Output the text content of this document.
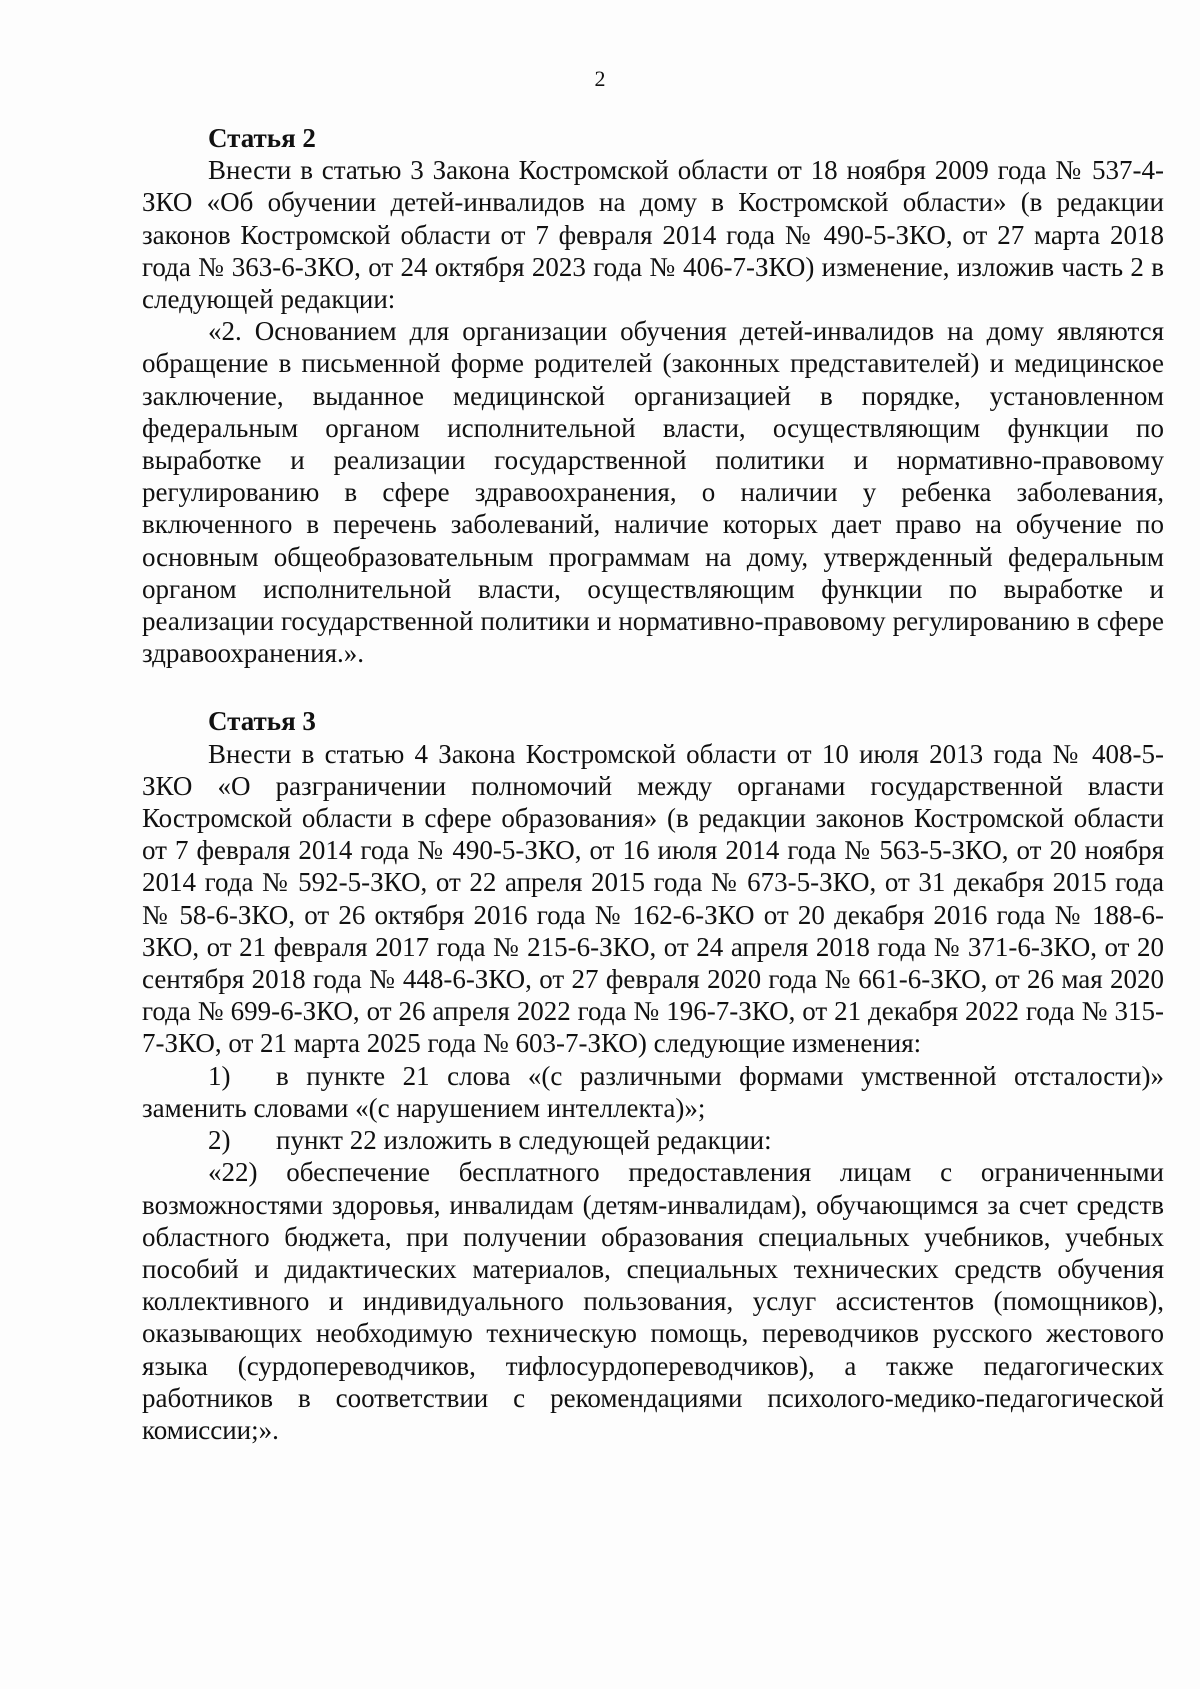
2

Статья 2

Внести в статью 3 Закона Костромской области от 18 ноября 2009 года № 537-4-ЗКО «Об обучении детей-инвалидов на дому в Костромской области» (в редакции законов Костромской области от 7 февраля 2014 года № 490-5-ЗКО, от 27 марта 2018 года № 363-6-ЗКО, от 24 октября 2023 года № 406-7-ЗКО) изменение, изложив часть 2 в следующей редакции:

«2. Основанием для организации обучения детей-инвалидов на дому являются обращение в письменной форме родителей (законных представителей) и медицинское заключение, выданное медицинской организацией в порядке, установленном федеральным органом исполнительной власти, осуществляющим функции по выработке и реализации государственной политики и нормативно-правовому регулированию в сфере здравоохранения, о наличии у ребенка заболевания, включенного в перечень заболеваний, наличие которых дает право на обучение по основным общеобразовательным программам на дому, утвержденный федеральным органом исполнительной власти, осуществляющим функции по выработке и реализации государственной политики и нормативно-правовому регулированию в сфере здравоохранения.».

Статья 3

Внести в статью 4 Закона Костромской области от 10 июля 2013 года № 408-5-ЗКО «О разграничении полномочий между органами государственной власти Костромской области в сфере образования» (в редакции законов Костромской области от 7 февраля 2014 года № 490-5-ЗКО, от 16 июля 2014 года № 563-5-ЗКО, от 20 ноября 2014 года № 592-5-ЗКО, от 22 апреля 2015 года № 673-5-ЗКО, от 31 декабря 2015 года № 58-6-ЗКО, от 26 октября 2016 года № 162-6-ЗКО от 20 декабря 2016 года № 188-6-ЗКО, от 21 февраля 2017 года № 215-6-ЗКО, от 24 апреля 2018 года № 371-6-ЗКО, от 20 сентября 2018 года № 448-6-ЗКО, от 27 февраля 2020 года № 661-6-ЗКО, от 26 мая 2020 года № 699-6-ЗКО, от 26 апреля 2022 года № 196-7-ЗКО, от 21 декабря 2022 года № 315-7-ЗКО, от 21 марта 2025 года № 603-7-ЗКО) следующие изменения:

1) в пункте 21 слова «(с различными формами умственной отсталости)» заменить словами «(с нарушением интеллекта)»;

2) пункт 22 изложить в следующей редакции:

«22) обеспечение бесплатного предоставления лицам с ограниченными возможностями здоровья, инвалидам (детям-инвалидам), обучающимся за счет средств областного бюджета, при получении образования специальных учебников, учебных пособий и дидактических материалов, специальных технических средств обучения коллективного и индивидуального пользования, услуг ассистентов (помощников), оказывающих необходимую техническую помощь, переводчиков русского жестового языка (сурдопереводчиков, тифлосурдопереводчиков), а также педагогических работников в соответствии с рекомендациями психолого-медико-педагогической комиссии;».
